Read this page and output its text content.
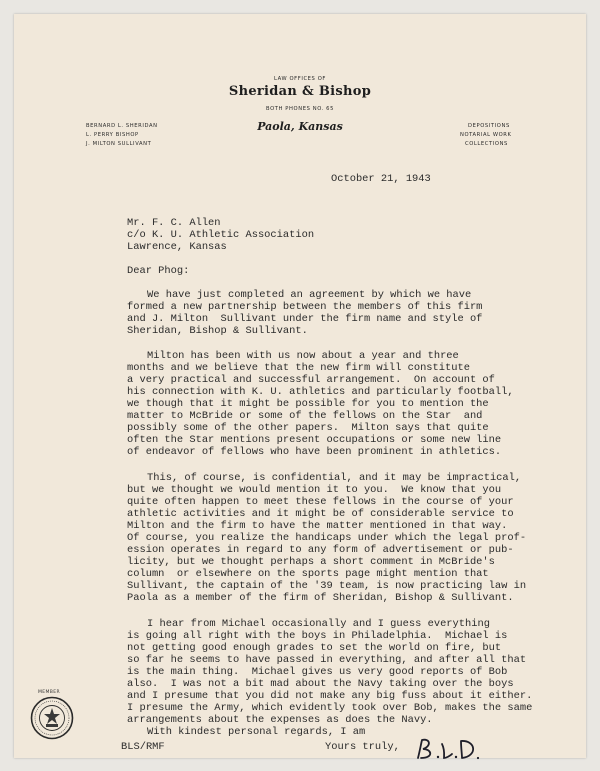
LAW OFFICES OF
Sheridan & Bishop
BOTH PHONES NO. 65
Paola, Kansas
BERNARD L. SHERIDAN
L. PERRY BISHOP
J. MILTON SULLIVANT
DEPOSITIONS
NOTARIAL WORK
COLLECTIONS
October 21, 1943
Mr. F. C. Allen
c/o K. U. Athletic Association
Lawrence, Kansas
Dear Phog:
We have just completed an agreement by which we have
formed a new partnership between the members of this firm
and J. Milton  Sullivant under the firm name and style of
Sheridan, Bishop & Sullivant.
Milton has been with us now about a year and three
months and we believe that the new firm will constitute
a very practical and successful arrangement.  On account of
his connection with K. U. athletics and particularly football,
we though that it might be possible for you to mention the
matter to McBride or some of the fellows on the Star  and
possibly some of the other papers.  Milton says that quite
often the Star mentions present occupations or some new line
of endeavor of fellows who have been prominent in athletics.
This, of course, is confidential, and it may be impractical,
but we thought we would mention it to you.  We know that you
quite often happen to meet these fellows in the course of your
athletic activities and it might be of considerable service to
Milton and the firm to have the matter mentioned in that way.
Of course, you realize the handicaps under which the legal prof-
ession operates in regard to any form of advertisement or pub-
licity, but we thought perhaps a short comment in McBride's
column  or elsewhere on the sports page might mention that
Sullivant, the captain of the '39 team, is now practicing law in
Paola as a member of the firm of Sheridan, Bishop & Sullivant.
I hear from Michael occasionally and I guess everything
is going all right with the boys in Philadelphia.  Michael is
not getting good enough grades to set the world on fire, but
so far he seems to have passed in everything, and after all that
is the main thing.  Michael gives us very good reports of Bob
also.  I was not a bit mad about the Navy taking over the boys
and I presume that you did not make any big fuss about it either.
I presume the Army, which evidently took over Bob, makes the same
arrangements about the expenses as does the Navy.
With kindest personal regards, I am
BLS/RMF	Yours truly,
MEMBER
